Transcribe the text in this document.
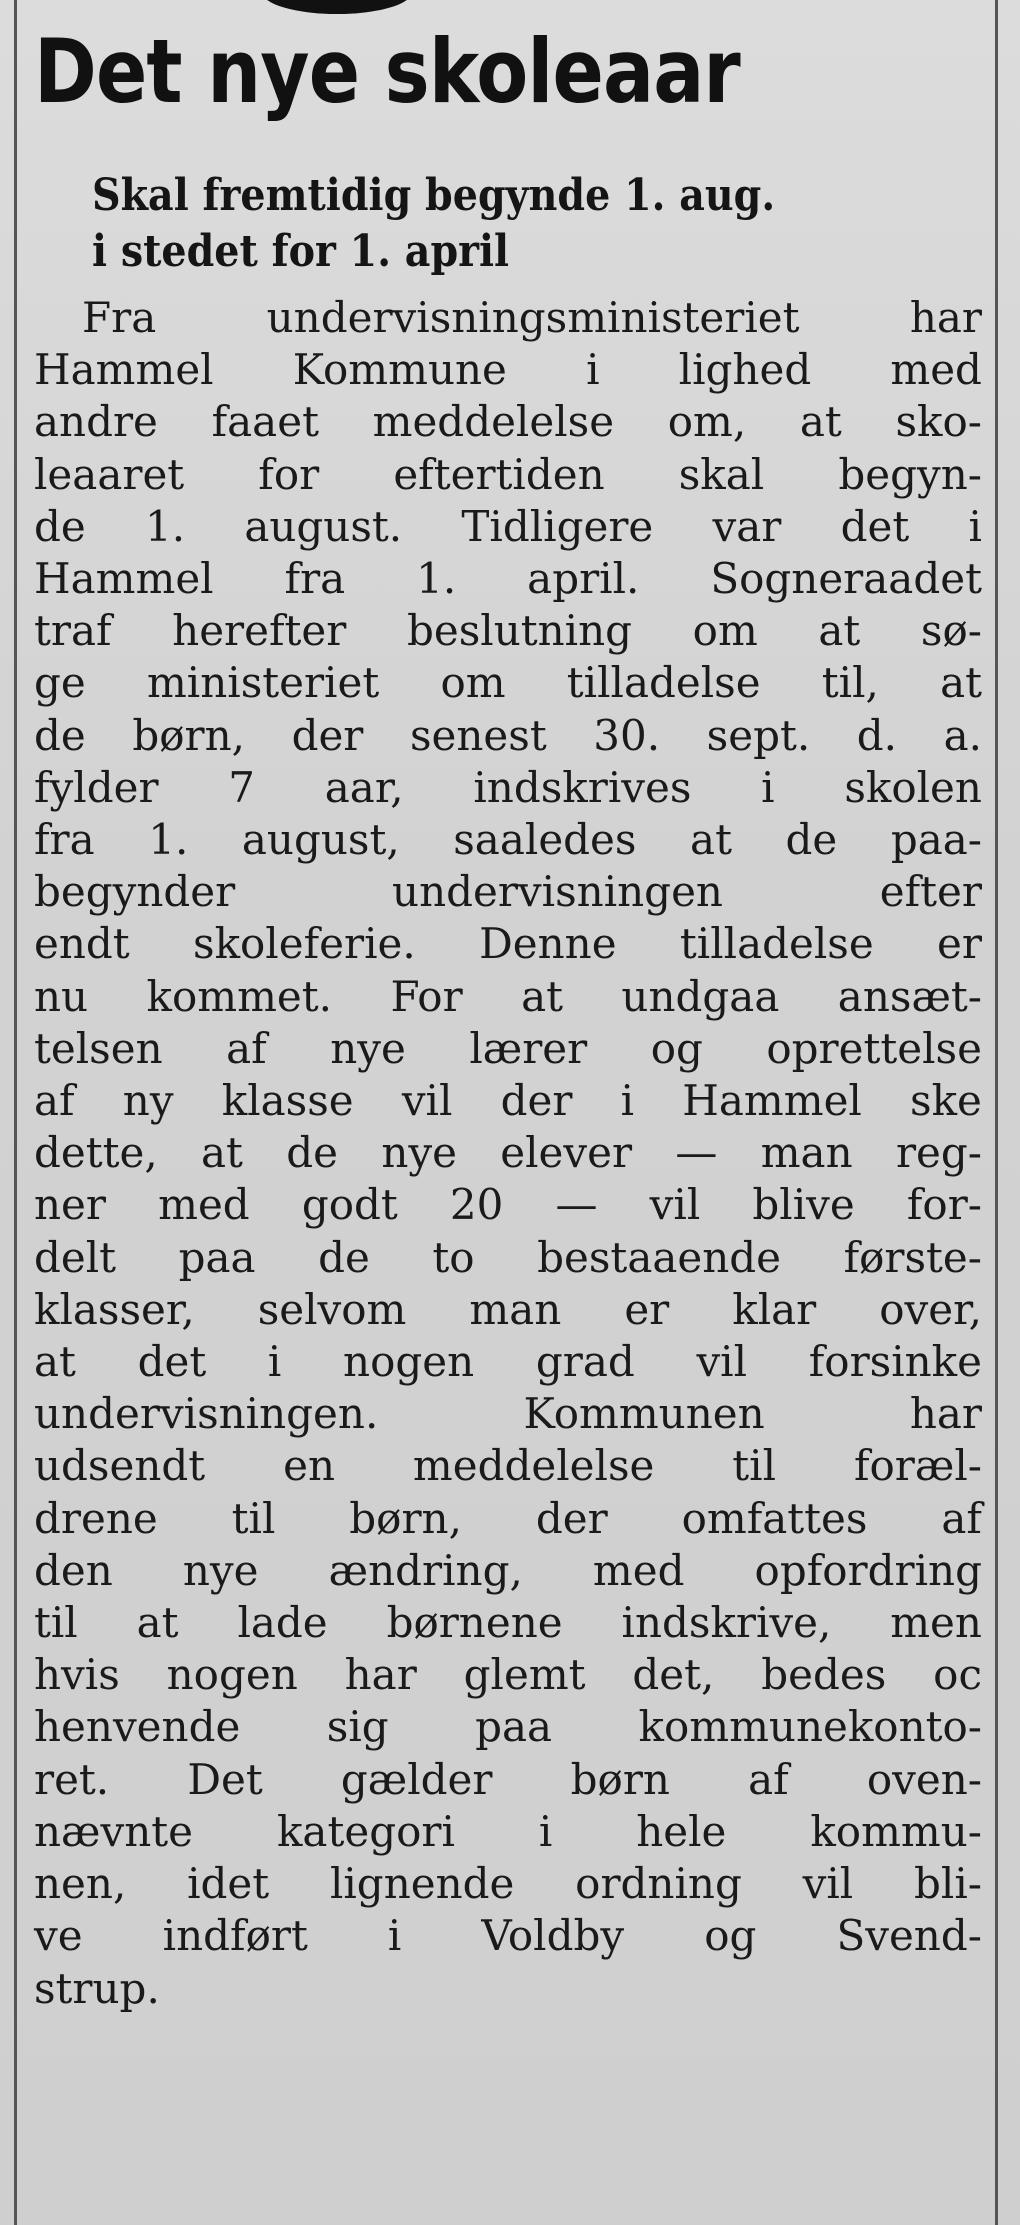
Det nye skoleaar
Skal fremtidig begynde 1. aug.
i stedet for 1. april
Fra	undervisningsministeriet	har
Hammel Kommune i lighed med
andre faaet meddelelse om, at sko-
leaaret for eftertiden skal begyn-
de 1. august. Tidligere var det i
Hammel fra 1. april. Sogneraadet
traf herefter beslutning om at sø-
ge ministeriet om tilladelse til, at
de børn, der senest 30. sept. d. a.
fylder 7 aar, indskrives i skolen
fra 1. august, saaledes at de paa-
begynder	undervisningen	efter
endt skoleferie. Denne tilladelse er
nu kommet. For at undgaa ansæt-
telsen af nye lærer og oprettelse
af ny klasse vil der i Hammel ske
dette, at de nye elever — man reg-
ner med godt 20 — vil blive for-
delt paa de to bestaaende første-
klasser, selvom man er klar over,
at det i nogen grad vil forsinke
undervisningen.	Kommunen	har
udsendt en meddelelse til foræl-
drene til børn, der omfattes af
den nye ændring, med opfordring
til at lade børnene indskrive, men
hvis nogen har glemt det, bedes oc
henvende sig paa kommunekonto-
ret. Det gælder børn af oven-
nævnte kategori i hele kommu-
nen, idet lignende ordning vil bli-
ve indført i Voldby og Svend-
strup.
